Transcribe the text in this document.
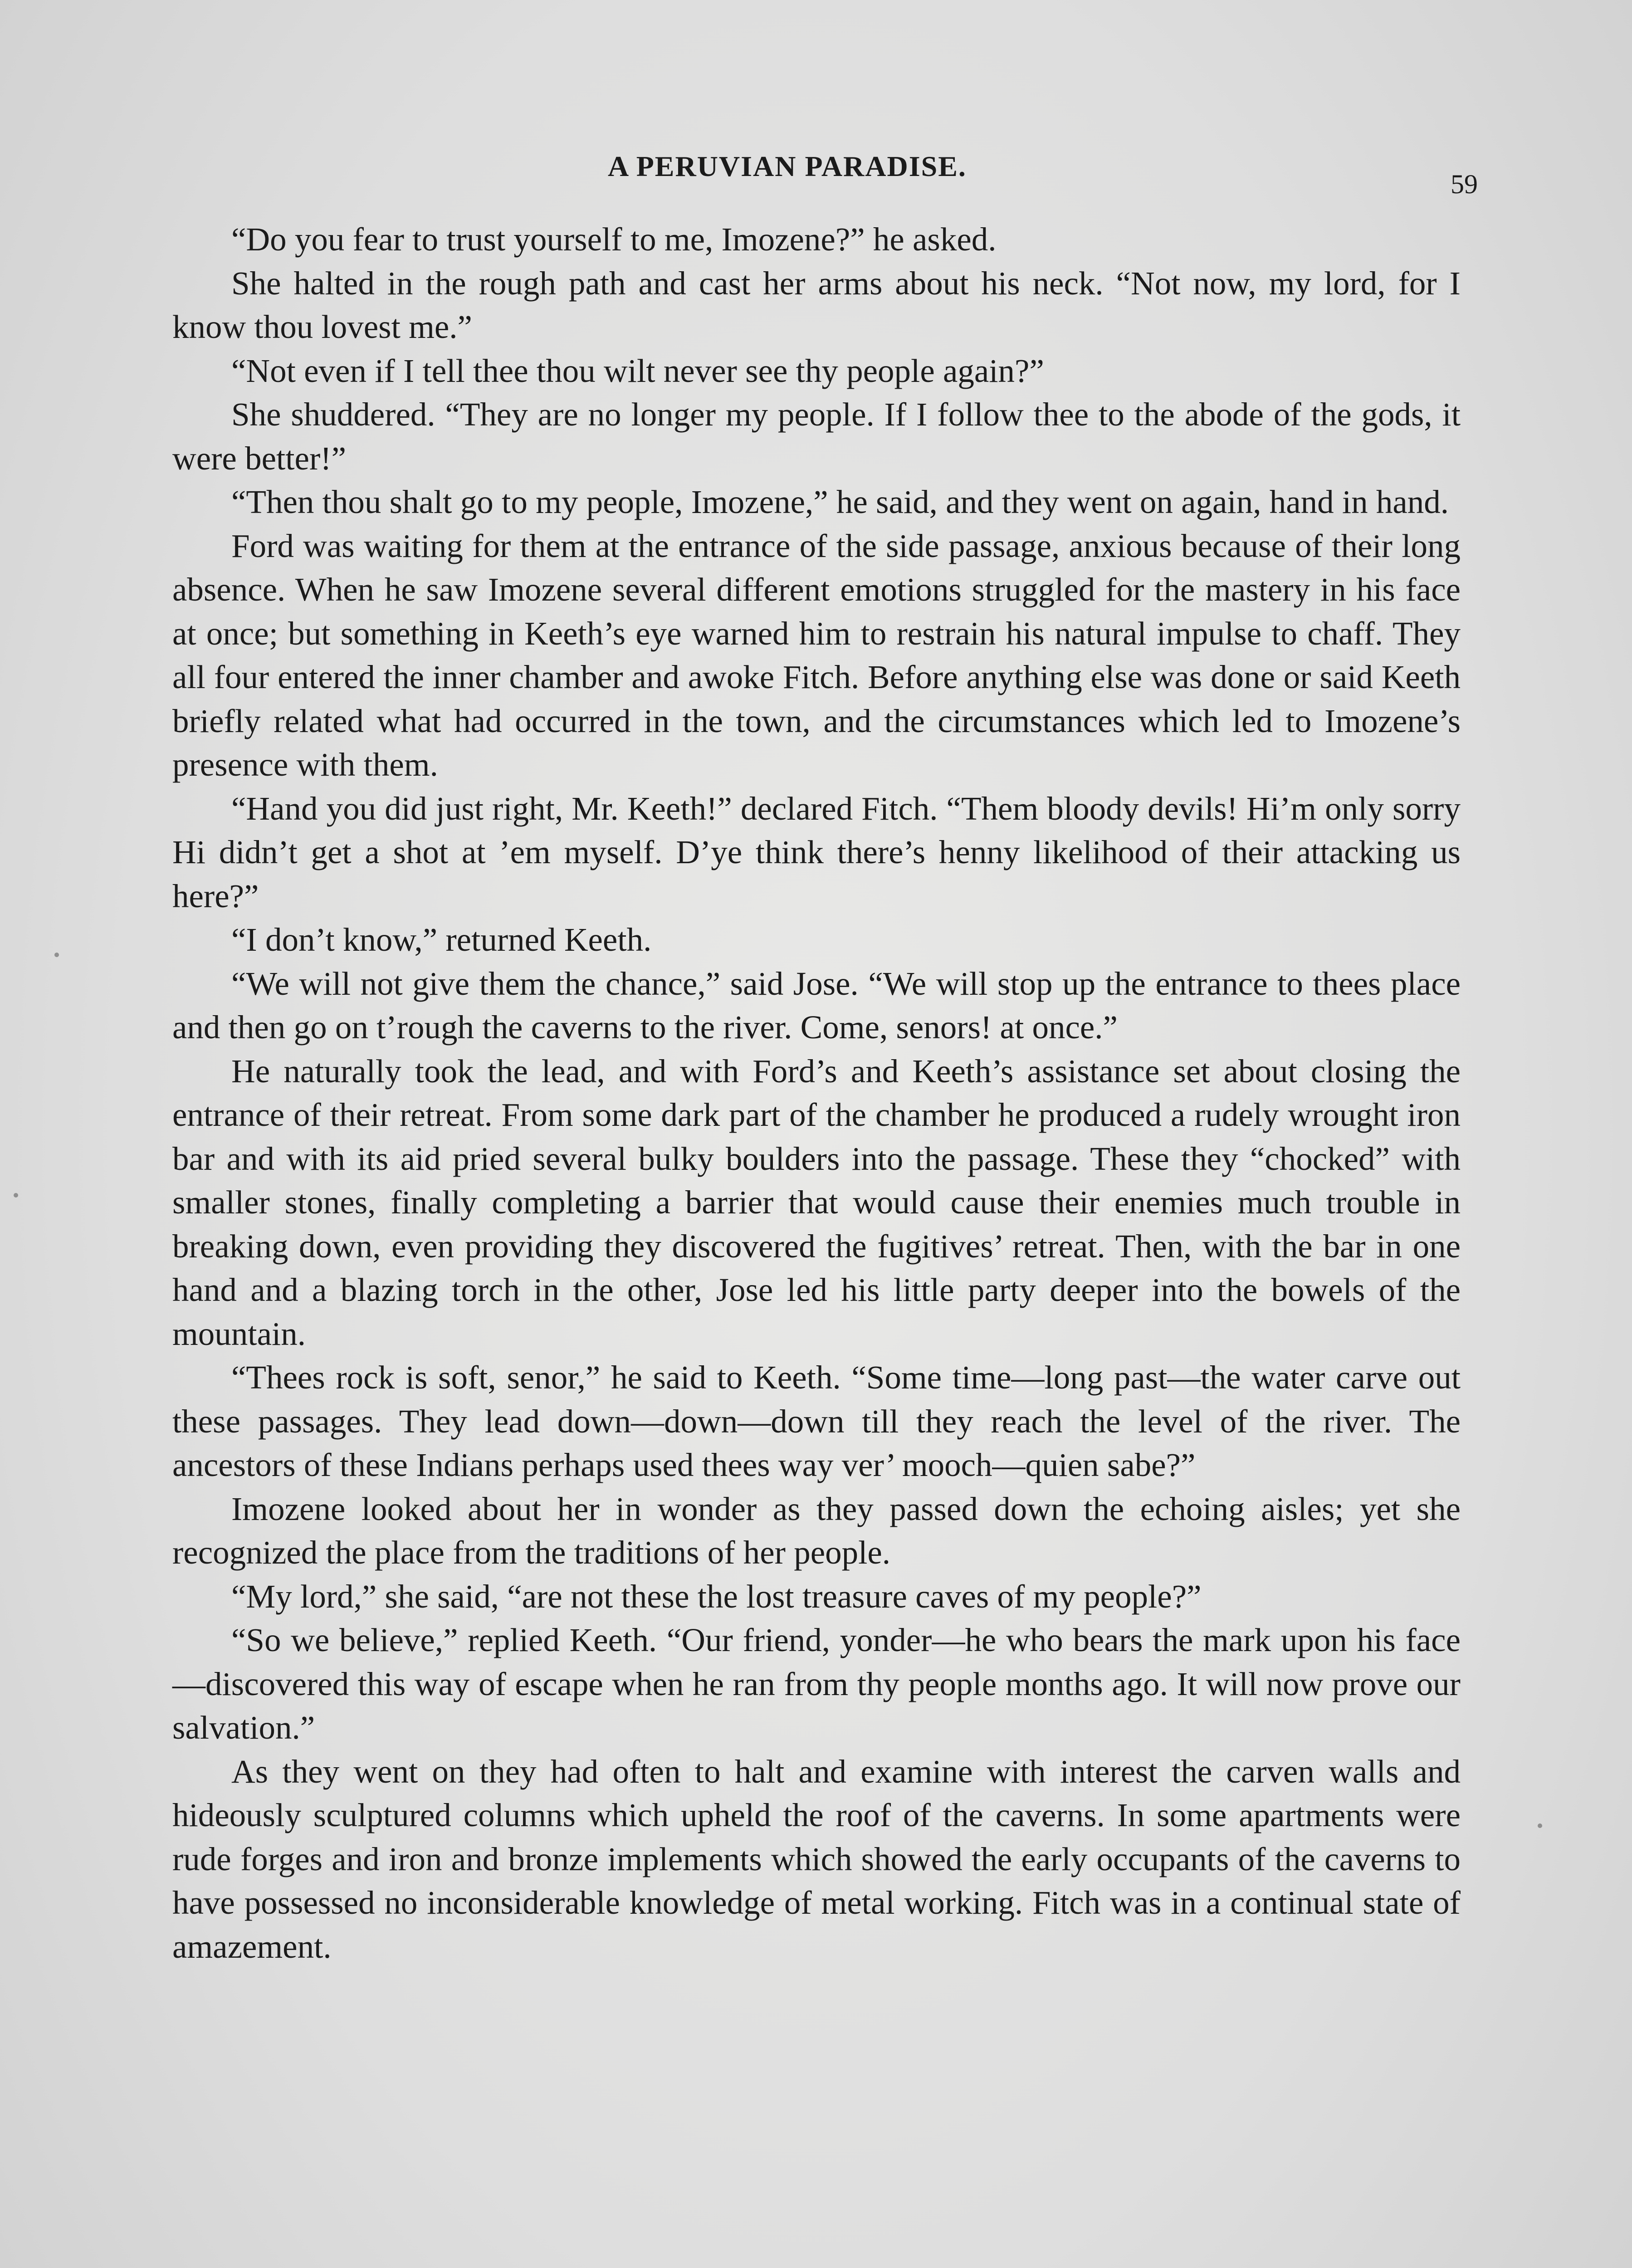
A PERUVIAN PARADISE.
59

“Do you fear to trust yourself to me, Imozene?” he asked.

She halted in the rough path and cast her arms about his neck. “Not now, my lord, for I know thou lovest me.”

“Not even if I tell thee thou wilt never see thy people again?”

She shuddered. “They are no longer my people. If I follow thee to the abode of the gods, it were better!”

“Then thou shalt go to my people, Imozene,” he said, and they went on again, hand in hand.

Ford was waiting for them at the entrance of the side passage, anxious because of their long absence. When he saw Imozene several different emotions struggled for the mastery in his face at once; but something in Keeth’s eye warned him to restrain his natural impulse to chaff. They all four entered the inner chamber and awoke Fitch. Before anything else was done or said Keeth briefly related what had occurred in the town, and the circumstances which led to Imozene’s presence with them.

“Hand you did just right, Mr. Keeth!” declared Fitch. “Them bloody devils! Hi’m only sorry Hi didn’t get a shot at ’em myself. D’ye think there’s henny likelihood of their attacking us here?”

“I don’t know,” returned Keeth.

“We will not give them the chance,” said Jose. “We will stop up the entrance to thees place and then go on t’rough the caverns to the river. Come, senors! at once.”

He naturally took the lead, and with Ford’s and Keeth’s assistance set about closing the entrance of their retreat. From some dark part of the chamber he produced a rudely wrought iron bar and with its aid pried several bulky boulders into the passage. These they “chocked” with smaller stones, finally completing a barrier that would cause their enemies much trouble in breaking down, even providing they discovered the fugitives’ retreat. Then, with the bar in one hand and a blazing torch in the other, Jose led his little party deeper into the bowels of the mountain.

“Thees rock is soft, senor,” he said to Keeth. “Some time—long past—the water carve out these passages. They lead down—down—down till they reach the level of the river. The ancestors of these Indians perhaps used thees way ver’ mooch—quien sabe?”

Imozene looked about her in wonder as they passed down the echoing aisles; yet she recognized the place from the traditions of her people.

“My lord,” she said, “are not these the lost treasure caves of my people?”

“So we believe,” replied Keeth. “Our friend, yonder—he who bears the mark upon his face—discovered this way of escape when he ran from thy people months ago. It will now prove our salvation.”

As they went on they had often to halt and examine with interest the carven walls and hideously sculptured columns which upheld the roof of the caverns. In some apartments were rude forges and iron and bronze implements which showed the early occupants of the caverns to have possessed no inconsiderable knowledge of metal working. Fitch was in a continual state of amazement.
